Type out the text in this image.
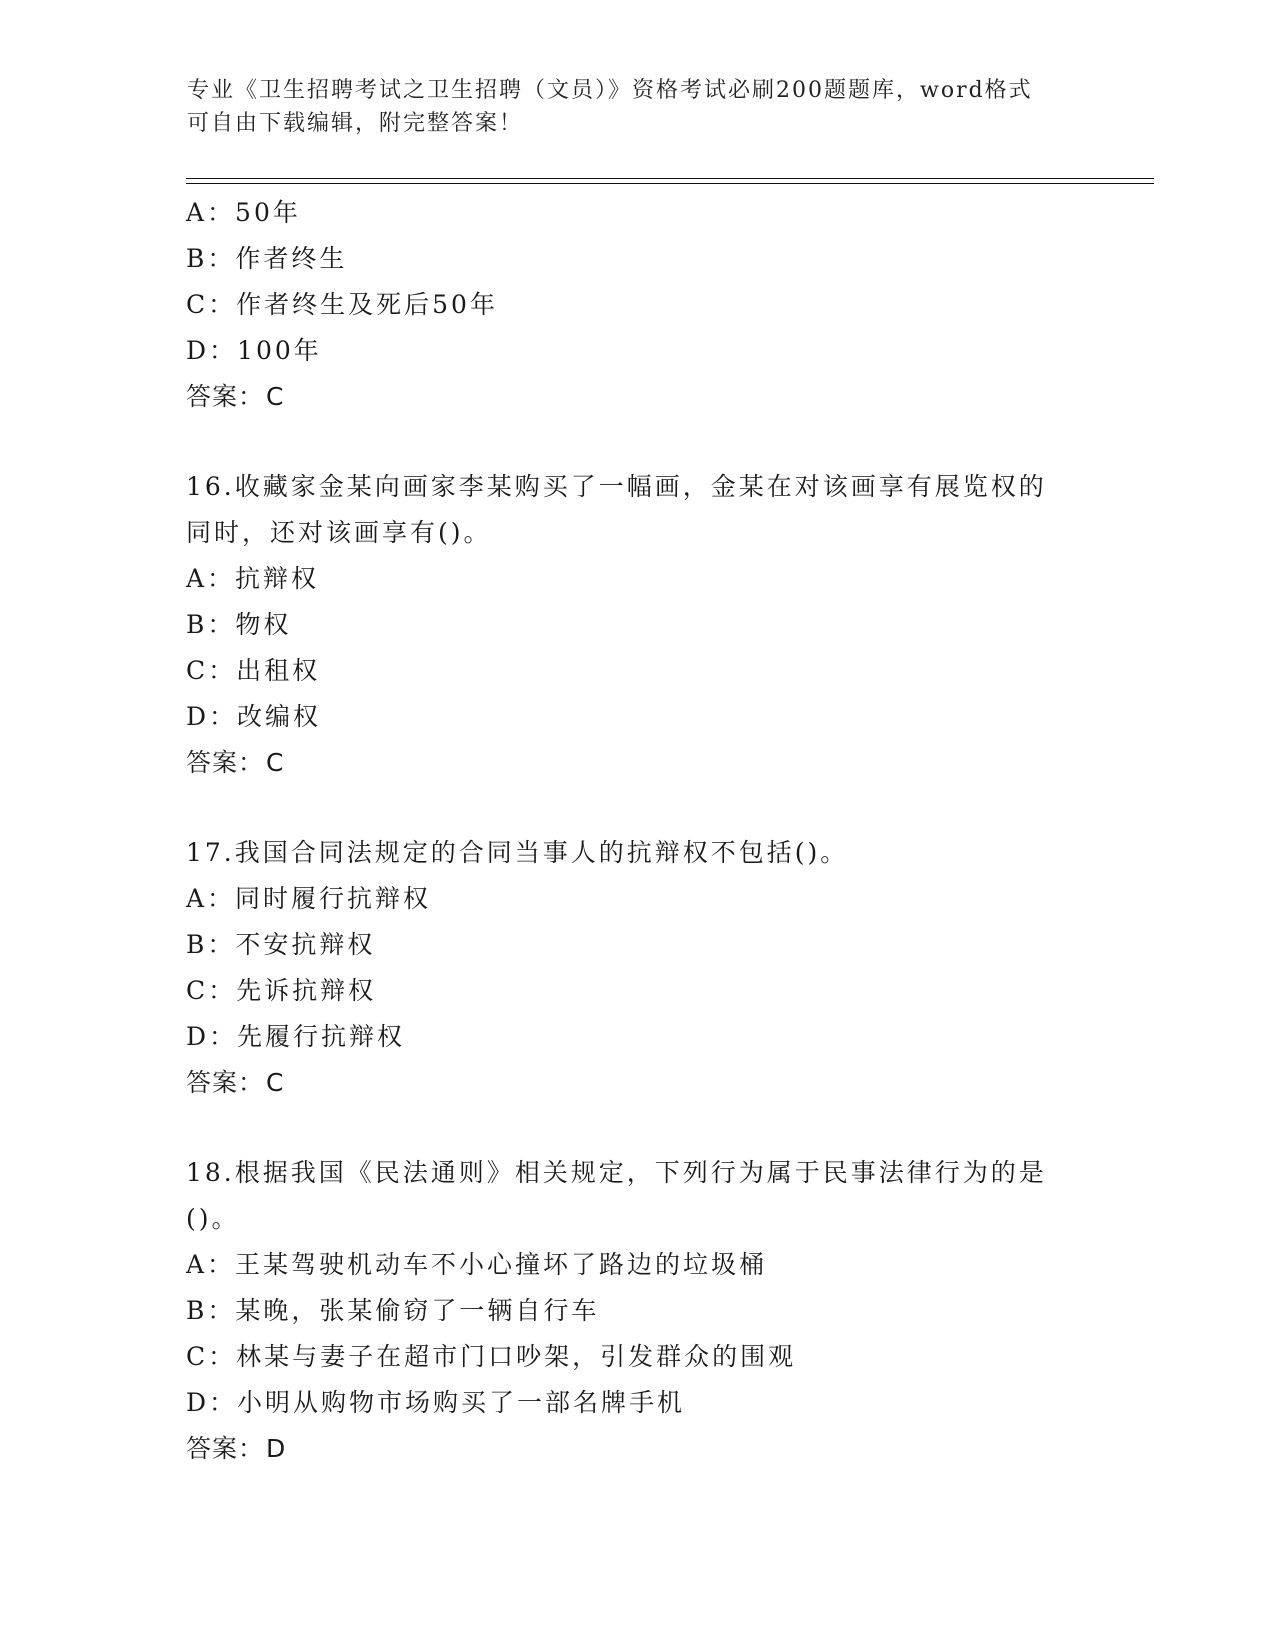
专业《卫生招聘考试之卫生招聘（文员）》资格考试必刷200题题库，word格式
可自由下载编辑，附完整答案！
A：50年
B：作者终生
C：作者终生及死后50年
D：100年
答案：C
16.收藏家金某向画家李某购买了一幅画，金某在对该画享有展览权的
同时，还对该画享有()。
A：抗辩权
B：物权
C：出租权
D：改编权
答案：C
17.我国合同法规定的合同当事人的抗辩权不包括()。
A：同时履行抗辩权
B：不安抗辩权
C：先诉抗辩权
D：先履行抗辩权
答案：C
18.根据我国《民法通则》相关规定，下列行为属于民事法律行为的是
()。
A：王某驾驶机动车不小心撞坏了路边的垃圾桶
B：某晚，张某偷窃了一辆自行车
C：林某与妻子在超市门口吵架，引发群众的围观
D：小明从购物市场购买了一部名牌手机
答案：D
